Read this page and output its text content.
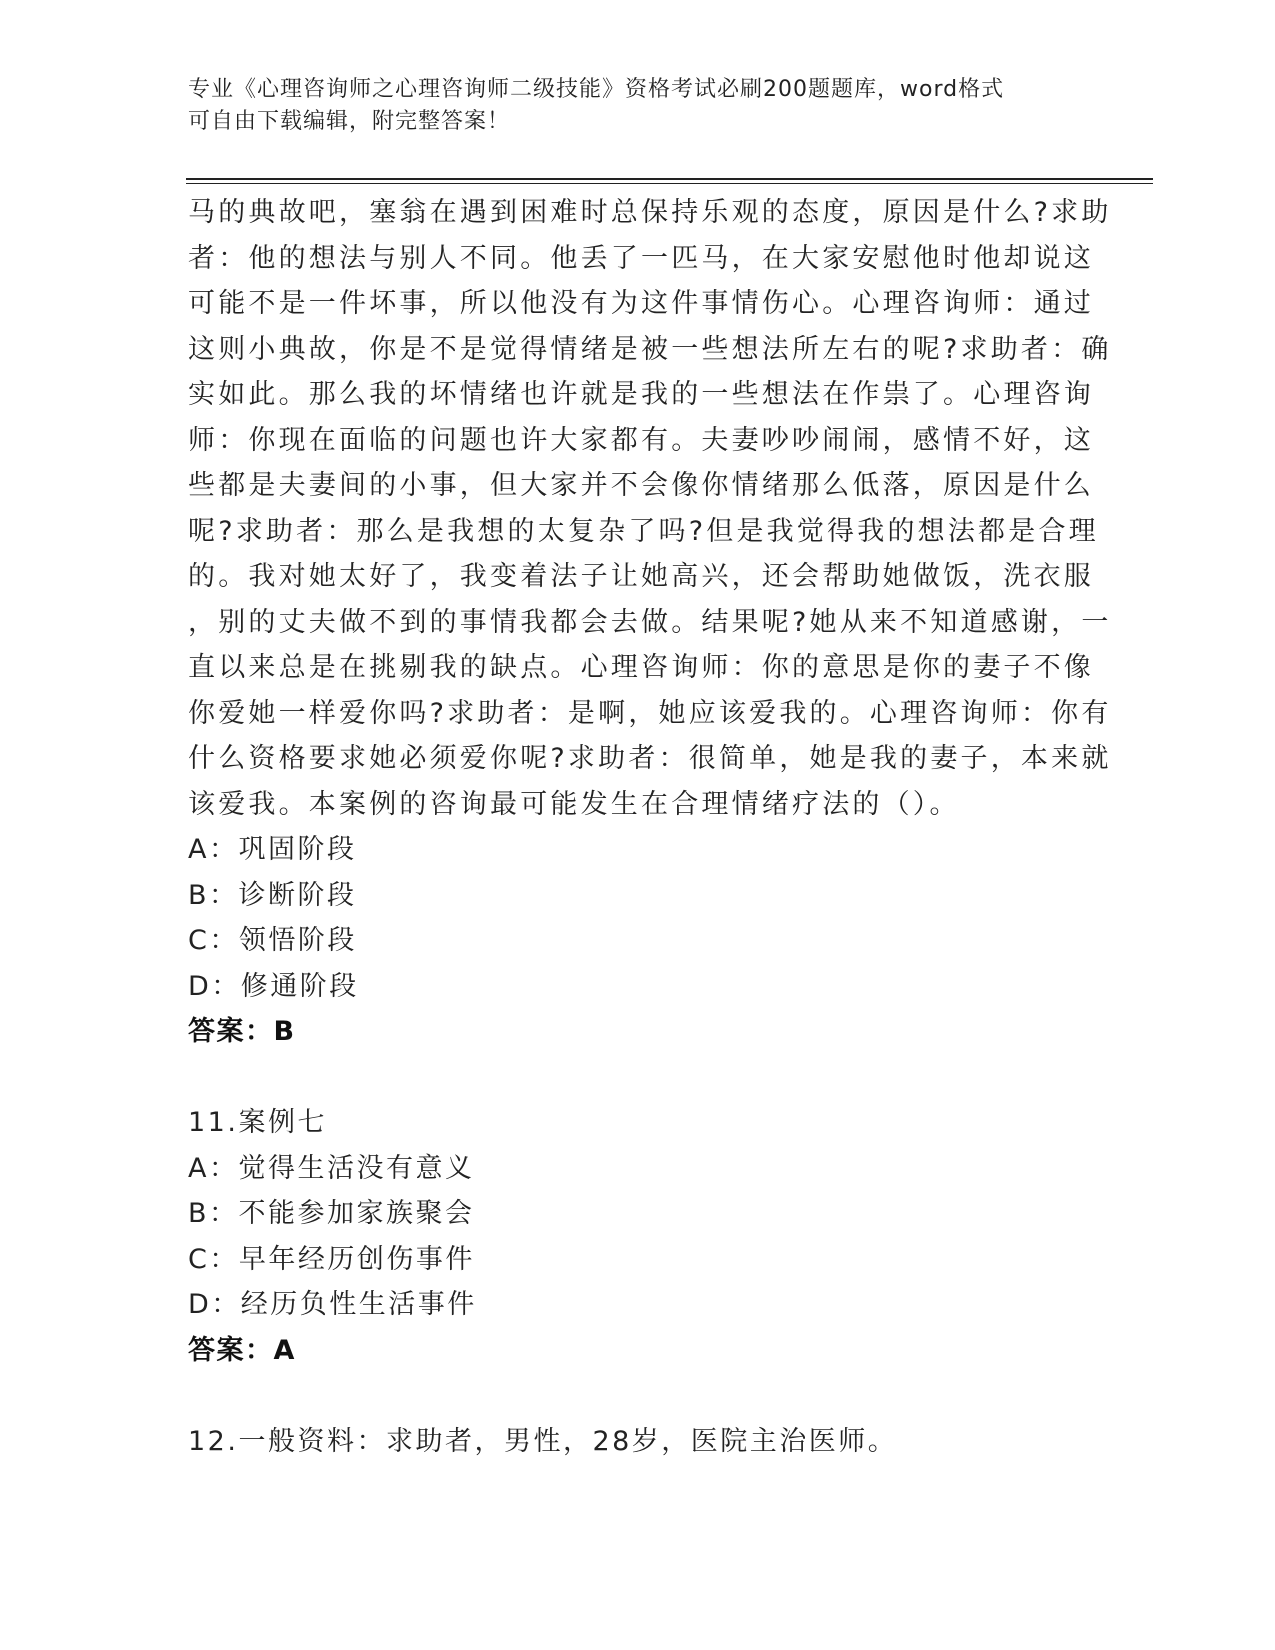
专业《心理咨询师之心理咨询师二级技能》资格考试必刷200题题库，word格式
可自由下载编辑，附完整答案！
马的典故吧，塞翁在遇到困难时总保持乐观的态度，原因是什么?求助
者：他的想法与别人不同。他丢了一匹马，在大家安慰他时他却说这
可能不是一件坏事，所以他没有为这件事情伤心。心理咨询师：通过
这则小典故，你是不是觉得情绪是被一些想法所左右的呢?求助者：确
实如此。那么我的坏情绪也许就是我的一些想法在作祟了。心理咨询
师：你现在面临的问题也许大家都有。夫妻吵吵闹闹，感情不好，这
些都是夫妻间的小事，但大家并不会像你情绪那么低落，原因是什么
呢?求助者：那么是我想的太复杂了吗?但是我觉得我的想法都是合理
的。我对她太好了，我变着法子让她高兴，还会帮助她做饭，洗衣服
，别的丈夫做不到的事情我都会去做。结果呢?她从来不知道感谢，一
直以来总是在挑剔我的缺点。心理咨询师：你的意思是你的妻子不像
你爱她一样爱你吗?求助者：是啊，她应该爱我的。心理咨询师：你有
什么资格要求她必须爱你呢?求助者：很简单，她是我的妻子，本来就
该爱我。本案例的咨询最可能发生在合理情绪疗法的（）。
A：巩固阶段
B：诊断阶段
C：领悟阶段
D：修通阶段
答案：B
11.案例七
A：觉得生活没有意义
B：不能参加家族聚会
C：早年经历创伤事件
D：经历负性生活事件
答案：A
12.一般资料：求助者，男性，28岁，医院主治医师。
